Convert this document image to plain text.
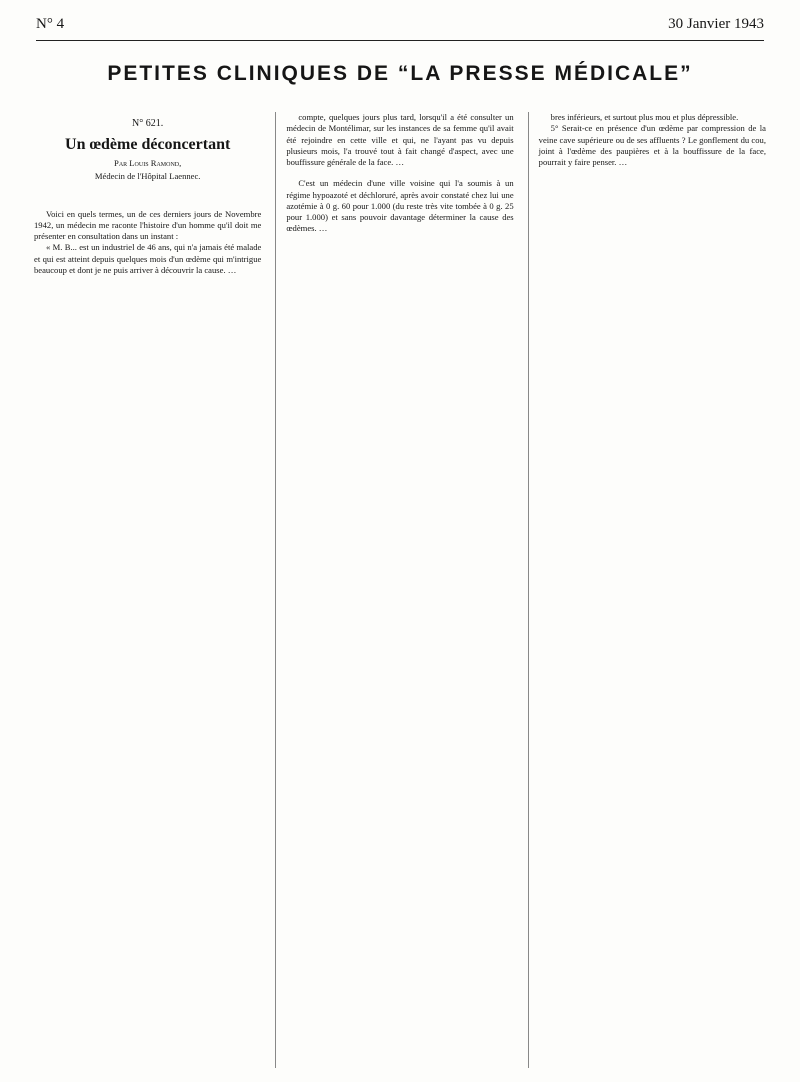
N° 4	30 Janvier 1943
PETITES CLINIQUES DE “LA PRESSE MÉDICALE”
N° 621.
Un œdème déconcertant
Par Louis Ramond,
Médecin de l'Hôpital Laennec.

Voici en quels termes, un de ces derniers jours de Novembre 1942, un médecin me raconte l'histoire d'un homme qu'il doit me présenter en consultation dans un instant :

« M. B... est un industriel de 46 ans, qui n'a jamais été malade et qui est atteint depuis quelques mois d'un œdème qui m'intrigue beaucoup et dont je ne puis arriver à découvrir la cause. …

compte, quelques jours plus tard, lorsqu'il a été consulter un médecin de Montélimar, sur les instances de sa femme qu'il avait été rejoindre en cette ville et qui, ne l'ayant pas vu depuis plusieurs mois, l'a trouvé tout à fait changé d'aspect, avec une bouffissure générale de la face. …

C'est un médecin d'une ville voisine qui l'a soumis à un régime hypoazoté et déchloruré, après avoir constaté chez lui une azotémie à 0 g. 60 pour 1.000 (du reste très vite tombée à 0 g. 25 pour 1.000) et sans pouvoir davantage déterminer la cause des œdèmes. …

bres inférieurs, et surtout plus mou et plus dépressible.

5° Serait-ce en présence d'un œdème par compression de la veine cave supérieure ou de ses affluents ? Le gonflement du cou, joint à l'œdème des paupières et à la bouffissure de la face, pourrait y faire penser. …
